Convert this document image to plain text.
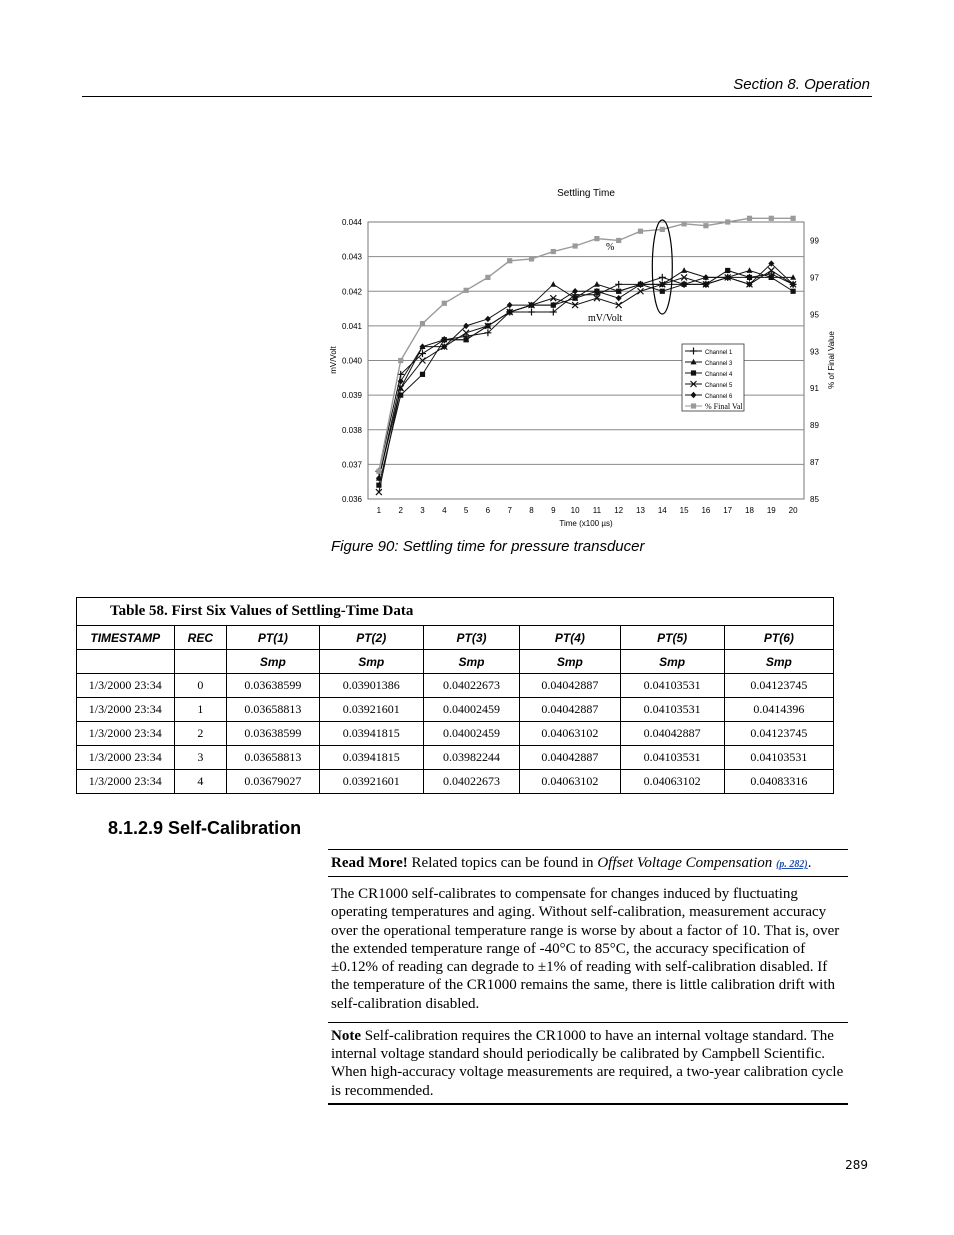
Section 8. Operation
0.036
0.037
0.038
0.039
0.040
0.041
0.042
0.043
0.044
85
87
89
91
93
95
97
99
1 2 3 4 5 6 7 8 9 10 11 12 13 14 15 16 17 18 19 20
Settling Time
Time (x100 µs)
mV/Volt	% of Final Value
%
mV/Volt
Channel 1
Channel 3
Channel 4
Channel 5
Channel 6
% Final Val
Figure 90: Settling time for pressure transducer
Table 58. First Six Values of Settling-Time Data							
TIMESTAMP	REC	PT(1)	PT(2)	PT(3)	PT(4)	PT(5)	PT(6)
		Smp	Smp	Smp	Smp	Smp	Smp
1/3/2000 23:34	0	0.03638599	0.03901386	0.04022673	0.04042887	0.04103531	0.04123745
1/3/2000 23:34	1	0.03658813	0.03921601	0.04002459	0.04042887	0.04103531	0.0414396
1/3/2000 23:34	2	0.03638599	0.03941815	0.04002459	0.04063102	0.04042887	0.04123745
1/3/2000 23:34	3	0.03658813	0.03941815	0.03982244	0.04042887	0.04103531	0.04103531
1/3/2000 23:34	4	0.03679027	0.03921601	0.04022673	0.04063102	0.04063102	0.04083316
8.1.2.9 Self-Calibration
Read More! Related topics can be found in Offset Voltage Compensation (p. 282).
The CR1000 self-calibrates to compensate for changes induced by fluctuating operating temperatures and aging. Without self-calibration, measurement accuracy over the operational temperature range is worse by about a factor of 10. That is, over the extended temperature range of -40°C to 85°C, the accuracy specification of ±0.12% of reading can degrade to ±1% of reading with self-calibration disabled. If the temperature of the CR1000 remains the same, there is little calibration drift with self-calibration disabled.
Note Self-calibration requires the CR1000 to have an internal voltage standard. The internal voltage standard should periodically be calibrated by Campbell Scientific. When high-accuracy voltage measurements are required, a two-year calibration cycle is recommended.
289
